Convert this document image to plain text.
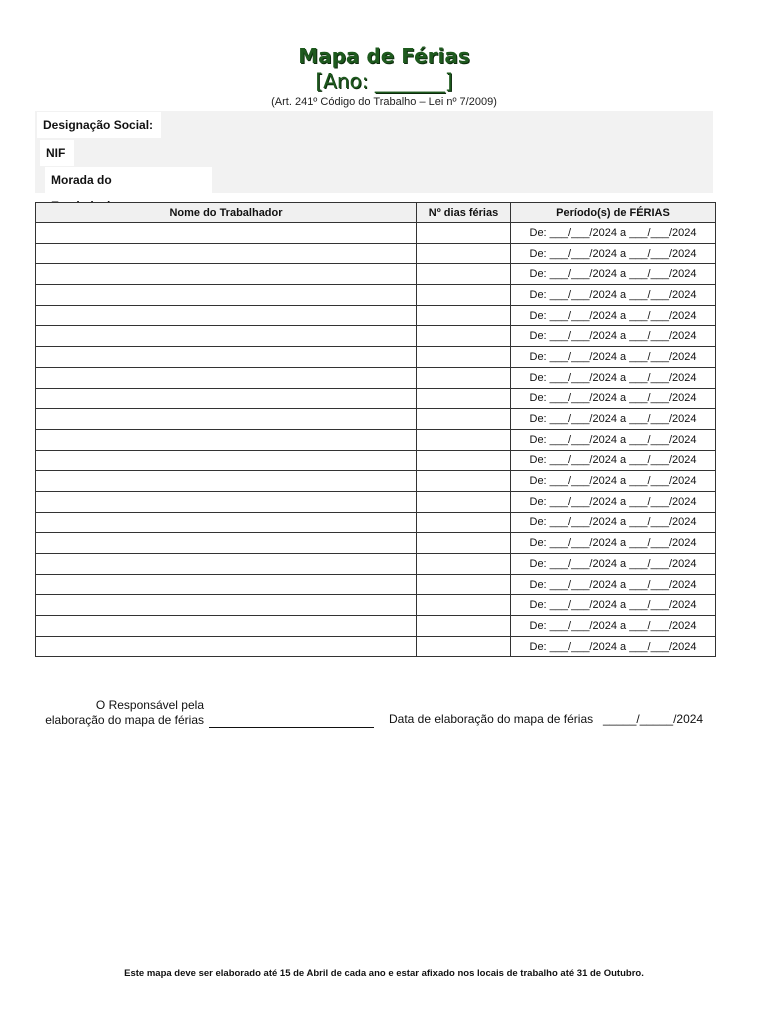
Mapa de Férias
[Ano: _______]
(Art. 241º Código do Trabalho – Lei nº 7/2009)
Designação Social:
NIF
Morada do
Nome do Trabalhador	Nº dias férias	Período(s) de FÉRIAS
		De: ___/___/2024 a ___/___/2024
		De: ___/___/2024 a ___/___/2024
		De: ___/___/2024 a ___/___/2024
		De: ___/___/2024 a ___/___/2024
		De: ___/___/2024 a ___/___/2024
		De: ___/___/2024 a ___/___/2024
		De: ___/___/2024 a ___/___/2024
		De: ___/___/2024 a ___/___/2024
		De: ___/___/2024 a ___/___/2024
		De: ___/___/2024 a ___/___/2024
		De: ___/___/2024 a ___/___/2024
		De: ___/___/2024 a ___/___/2024
		De: ___/___/2024 a ___/___/2024
		De: ___/___/2024 a ___/___/2024
		De: ___/___/2024 a ___/___/2024
		De: ___/___/2024 a ___/___/2024
		De: ___/___/2024 a ___/___/2024
		De: ___/___/2024 a ___/___/2024
		De: ___/___/2024 a ___/___/2024
		De: ___/___/2024 a ___/___/2024
		De: ___/___/2024 a ___/___/2024
O Responsável pela
elaboração do mapa de férias	Data de elaboração do mapa de férias _____/_____/2024
Este mapa deve ser elaborado até 15 de Abril de cada ano e estar afixado nos locais de trabalho até 31 de Outubro.
